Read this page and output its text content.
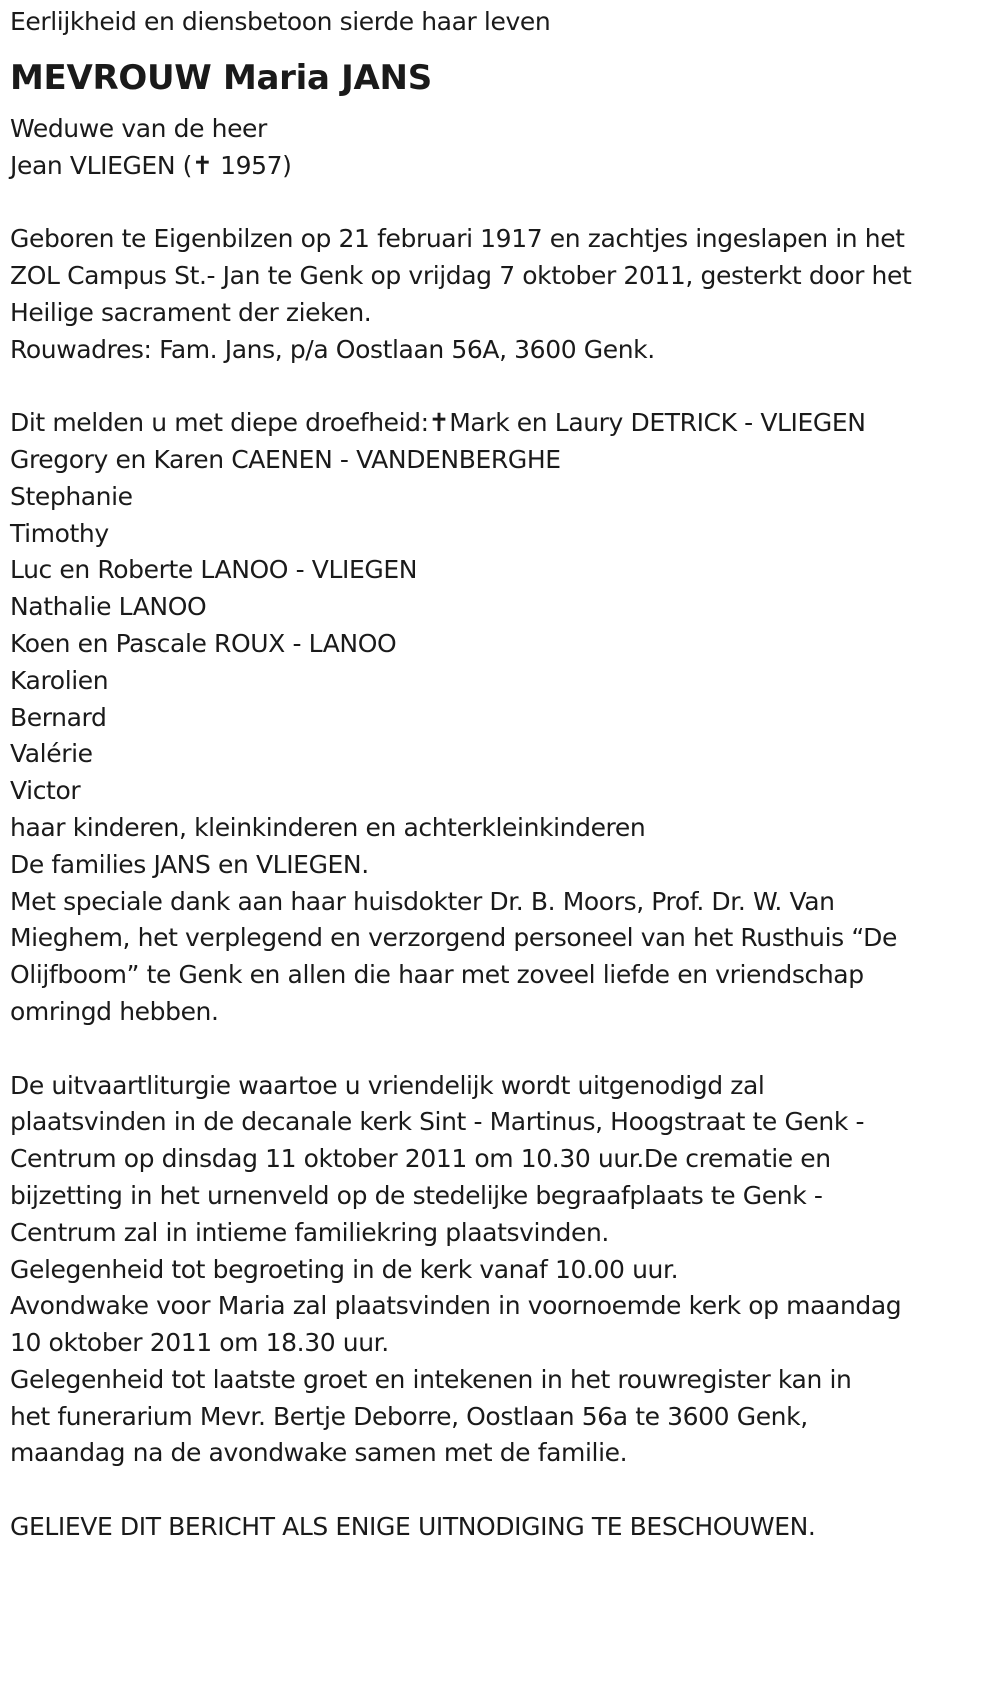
Eerlijkheid en diensbetoon sierde haar leven
MEVROUW Maria JANS
Weduwe van de heer
Jean VLIEGEN (✝ 1957)
Geboren te Eigenbilzen op 21 februari 1917 en zachtjes ingeslapen in het
ZOL Campus St.- Jan te Genk op vrijdag 7 oktober 2011, gesterkt door het
Heilige sacrament der zieken.
Rouwadres: Fam. Jans, p/a Oostlaan 56A, 3600 Genk.
Dit melden u met diepe droefheid:✝Mark en Laury DETRICK - VLIEGEN
Gregory en Karen CAENEN - VANDENBERGHE
Stephanie
Timothy
Luc en Roberte LANOO - VLIEGEN
Nathalie LANOO
Koen en Pascale ROUX - LANOO
Karolien
Bernard
Valérie
Victor
haar kinderen, kleinkinderen en achterkleinkinderen
De families JANS en VLIEGEN.
Met speciale dank aan haar huisdokter Dr. B. Moors, Prof. Dr. W. Van
Mieghem, het verplegend en verzorgend personeel van het Rusthuis “De
Olijfboom” te Genk en allen die haar met zoveel liefde en vriendschap
omringd hebben.
De uitvaartliturgie waartoe u vriendelijk wordt uitgenodigd zal
plaatsvinden in de decanale kerk Sint - Martinus, Hoogstraat te Genk -
Centrum op dinsdag 11 oktober 2011 om 10.30 uur.De crematie en
bijzetting in het urnenveld op de stedelijke begraafplaats te Genk -
Centrum zal in intieme familiekring plaatsvinden.
Gelegenheid tot begroeting in de kerk vanaf 10.00 uur.
Avondwake voor Maria zal plaatsvinden in voornoemde kerk op maandag
10 oktober 2011 om 18.30 uur.
Gelegenheid tot laatste groet en intekenen in het rouwregister kan in
het funerarium Mevr. Bertje Deborre, Oostlaan 56a te 3600 Genk,
maandag na de avondwake samen met de familie.
GELIEVE DIT BERICHT ALS ENIGE UITNODIGING TE BESCHOUWEN.
